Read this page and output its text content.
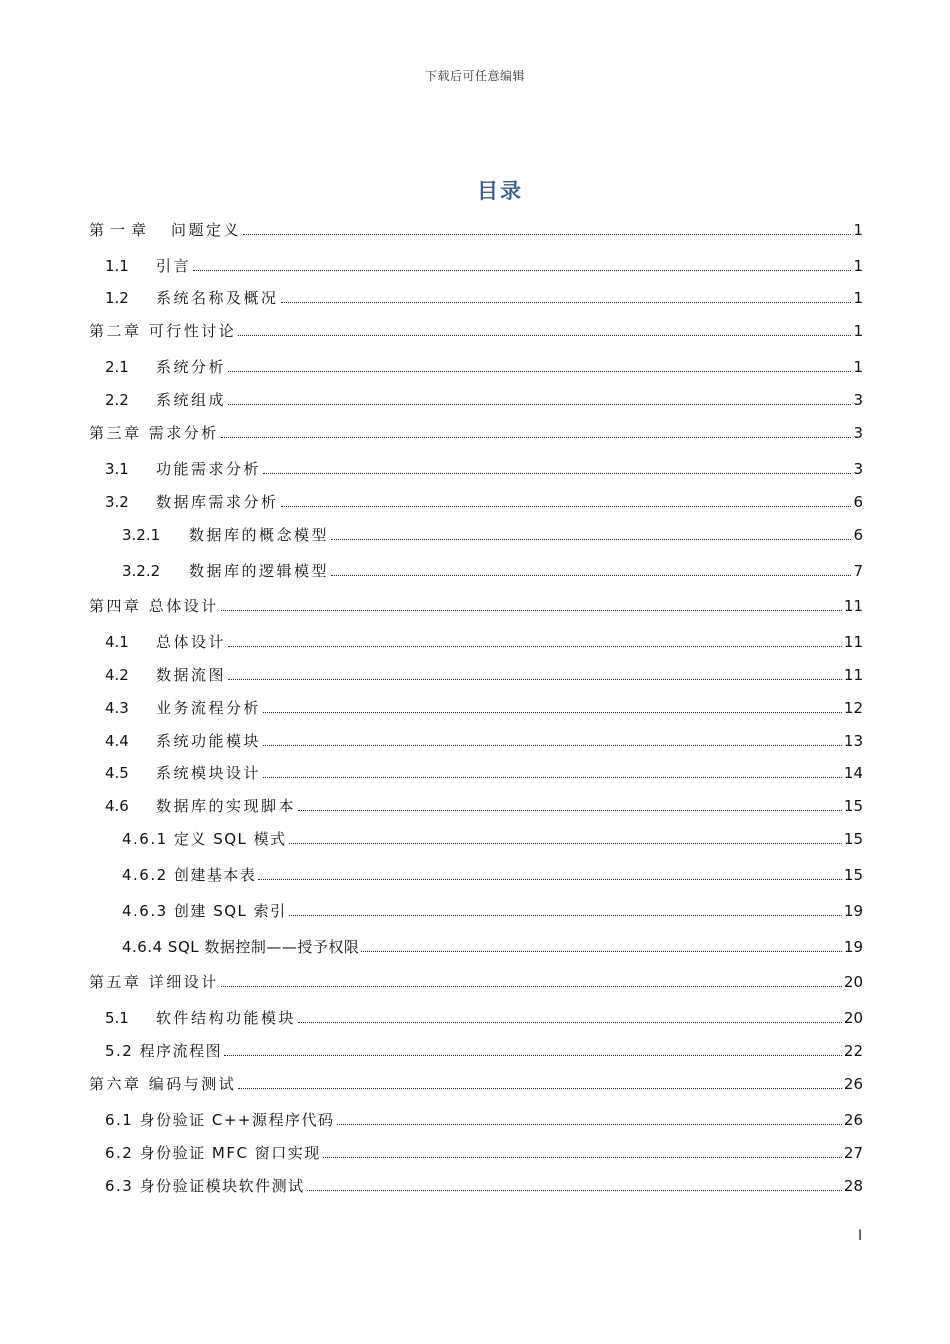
下载后可任意编辑
目录
第一章	问题定义	1
1.1	引言	1
1.2	系统名称及概况	1
第二章 可行性讨论	1
2.1	系统分析	1
2.2	系统组成	3
第三章 需求分析	3
3.1	功能需求分析	3
3.2	数据库需求分析	6
3.2.1	数据库的概念模型	6
3.2.2	数据库的逻辑模型	7
第四章 总体设计	11
4.1	总体设计	11
4.2	数据流图	11
4.3	业务流程分析	12
4.4	系统功能模块	13
4.5	系统模块设计	14
4.6	数据库的实现脚本	15
4.6.1 定义 SQL 模式	15
4.6.2 创建基本表	15
4.6.3 创建 SQL 索引	19
4.6.4 SQL 数据控制——授予权限	19
第五章 详细设计	20
5.1	软件结构功能模块	20
5.2 程序流程图	22
第六章 编码与测试	26
6.1 身份验证 C++源程序代码	26
6.2 身份验证 MFC 窗口实现	27
6.3 身份验证模块软件测试	28
I
